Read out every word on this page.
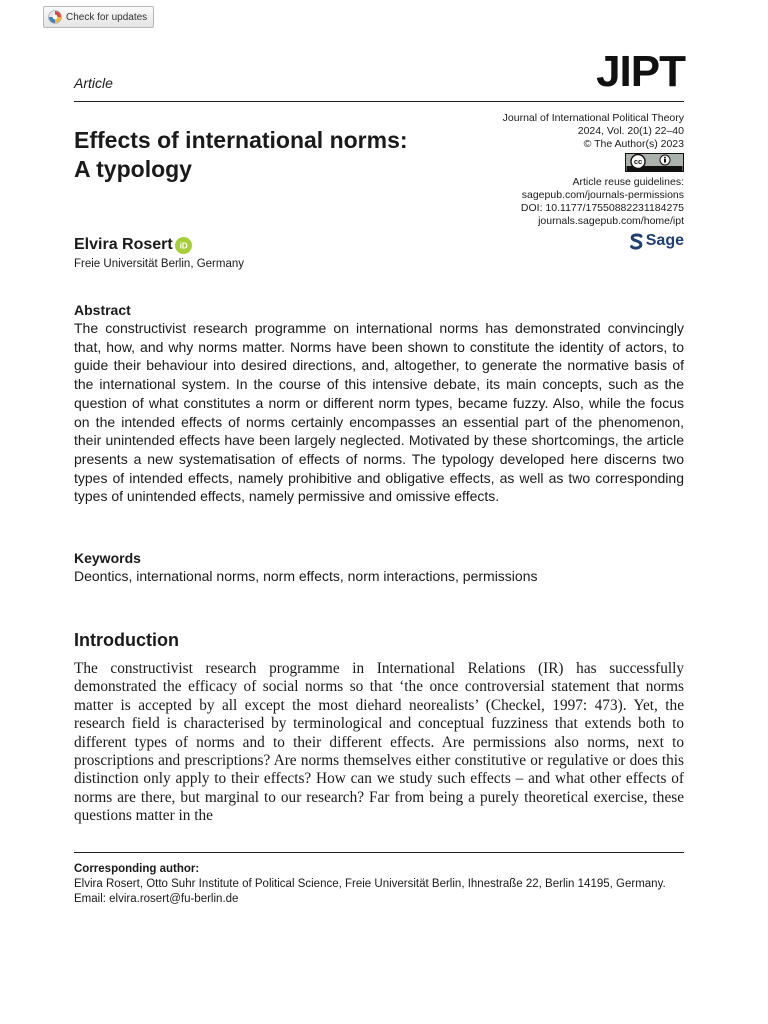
Check for updates
Article	JIPT
Effects of international norms:
A typology
Journal of International Political Theory
2024, Vol. 20(1) 22–40
© The Author(s) 2023
cc
Article reuse guidelines:
sagepub.com/journals-permissions
DOI: 10.1177/17550882231184275
journals.sagepub.com/home/ipt
Sage
Elvira Rosert iD
Freie Universität Berlin, Germany
Abstract

The constructivist research programme on international norms has demonstrated convincingly that, how, and why norms matter. Norms have been shown to constitute the identity of actors, to guide their behaviour into desired directions, and, altogether, to generate the normative basis of the international system. In the course of this intensive debate, its main concepts, such as the question of what constitutes a norm or different norm types, became fuzzy. Also, while the focus on the intended effects of norms certainly encompasses an essential part of the phenomenon, their unintended effects have been largely neglected. Motivated by these shortcomings, the article presents a new systematisation of effects of norms. The typology developed here discerns two types of intended effects, namely prohibitive and obligative effects, as well as two corresponding types of unintended effects, namely permissive and omissive effects.

Keywords
Deontics, international norms, norm effects, norm interactions, permissions
Introduction

The constructivist research programme in International Relations (IR) has successfully demonstrated the efficacy of social norms so that ‘the once controversial statement that norms matter is accepted by all except the most diehard neorealists’ (Checkel, 1997: 473). Yet, the research field is characterised by terminological and conceptual fuzziness that extends both to different types of norms and to their different effects. Are permissions also norms, next to proscriptions and prescriptions? Are norms themselves either constitutive or regulative or does this distinction only apply to their effects? How can we study such effects – and what other effects of norms are there, but marginal to our research? Far from being a purely theoretical exercise, these questions matter in the

Corresponding author:
Elvira Rosert, Otto Suhr Institute of Political Science, Freie Universität Berlin, Ihnestraße 22, Berlin 14195, Germany.
Email: elvira.rosert@fu-berlin.de
